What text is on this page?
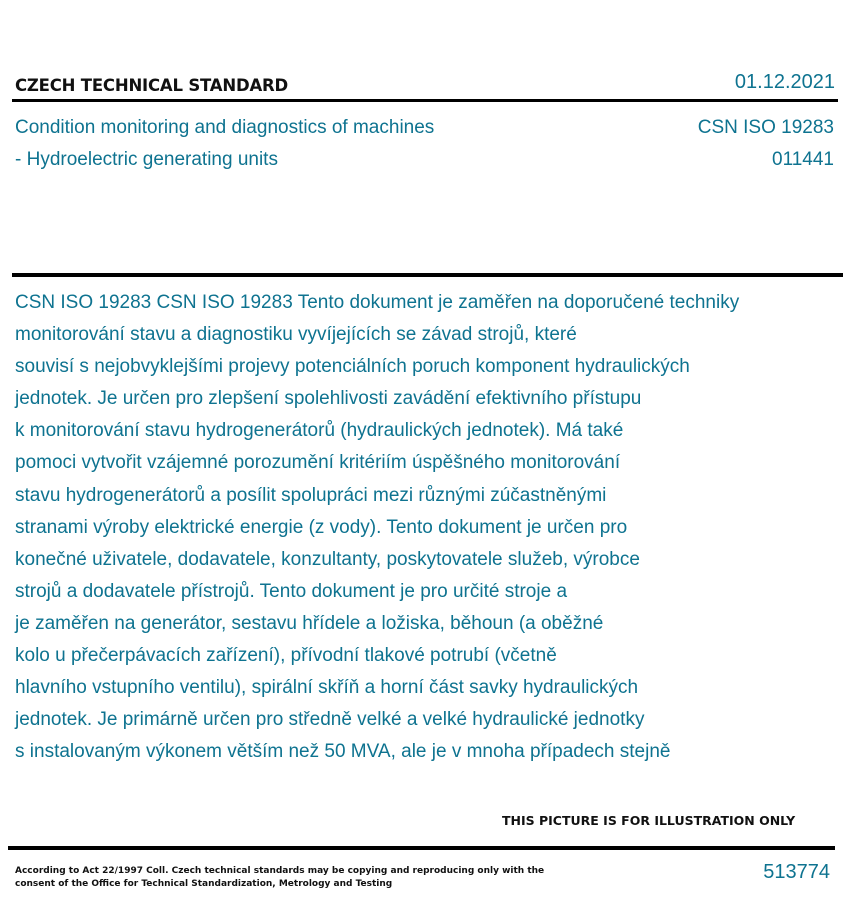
CZECH TECHNICAL STANDARD	01.12.2021
Condition monitoring and diagnostics of machines
- Hydroelectric generating units
CSN ISO 19283
011441
CSN ISO 19283 CSN ISO 19283 Tento dokument je zaměřen na doporučené techniky
monitorování stavu a diagnostiku vyvíjejících se závad strojů, které
souvisí s nejobvyklejšími projevy potenciálních poruch komponent hydraulických
jednotek. Je určen pro zlepšení spolehlivosti zavádění efektivního přístupu
k monitorování stavu hydrogenerátorů (hydraulických jednotek). Má také
pomoci vytvořit vzájemné porozumění kritériím úspěšného monitorování
stavu hydrogenerátorů a posílit spolupráci mezi různými zúčastněnými
stranami výroby elektrické energie (z vody). Tento dokument je určen pro
konečné uživatele, dodavatele, konzultanty, poskytovatele služeb, výrobce
strojů a dodavatele přístrojů. Tento dokument je pro určité stroje a
je zaměřen na generátor, sestavu hřídele a ložiska, běhoun (a oběžné
kolo u přečerpávacích zařízení), přívodní tlakové potrubí (včetně
hlavního vstupního ventilu), spirální skříň a horní část savky hydraulických
jednotek. Je primárně určen pro středně velké a velké hydraulické jednotky
s instalovaným výkonem větším než 50 MVA, ale je v mnoha případech stejně
THIS PICTURE IS FOR ILLUSTRATION ONLY
According to Act 22/1997 Coll. Czech technical standards may be copying and reproducing only with the consent of the Office for Technical Standardization, Metrology and Testing
513774
